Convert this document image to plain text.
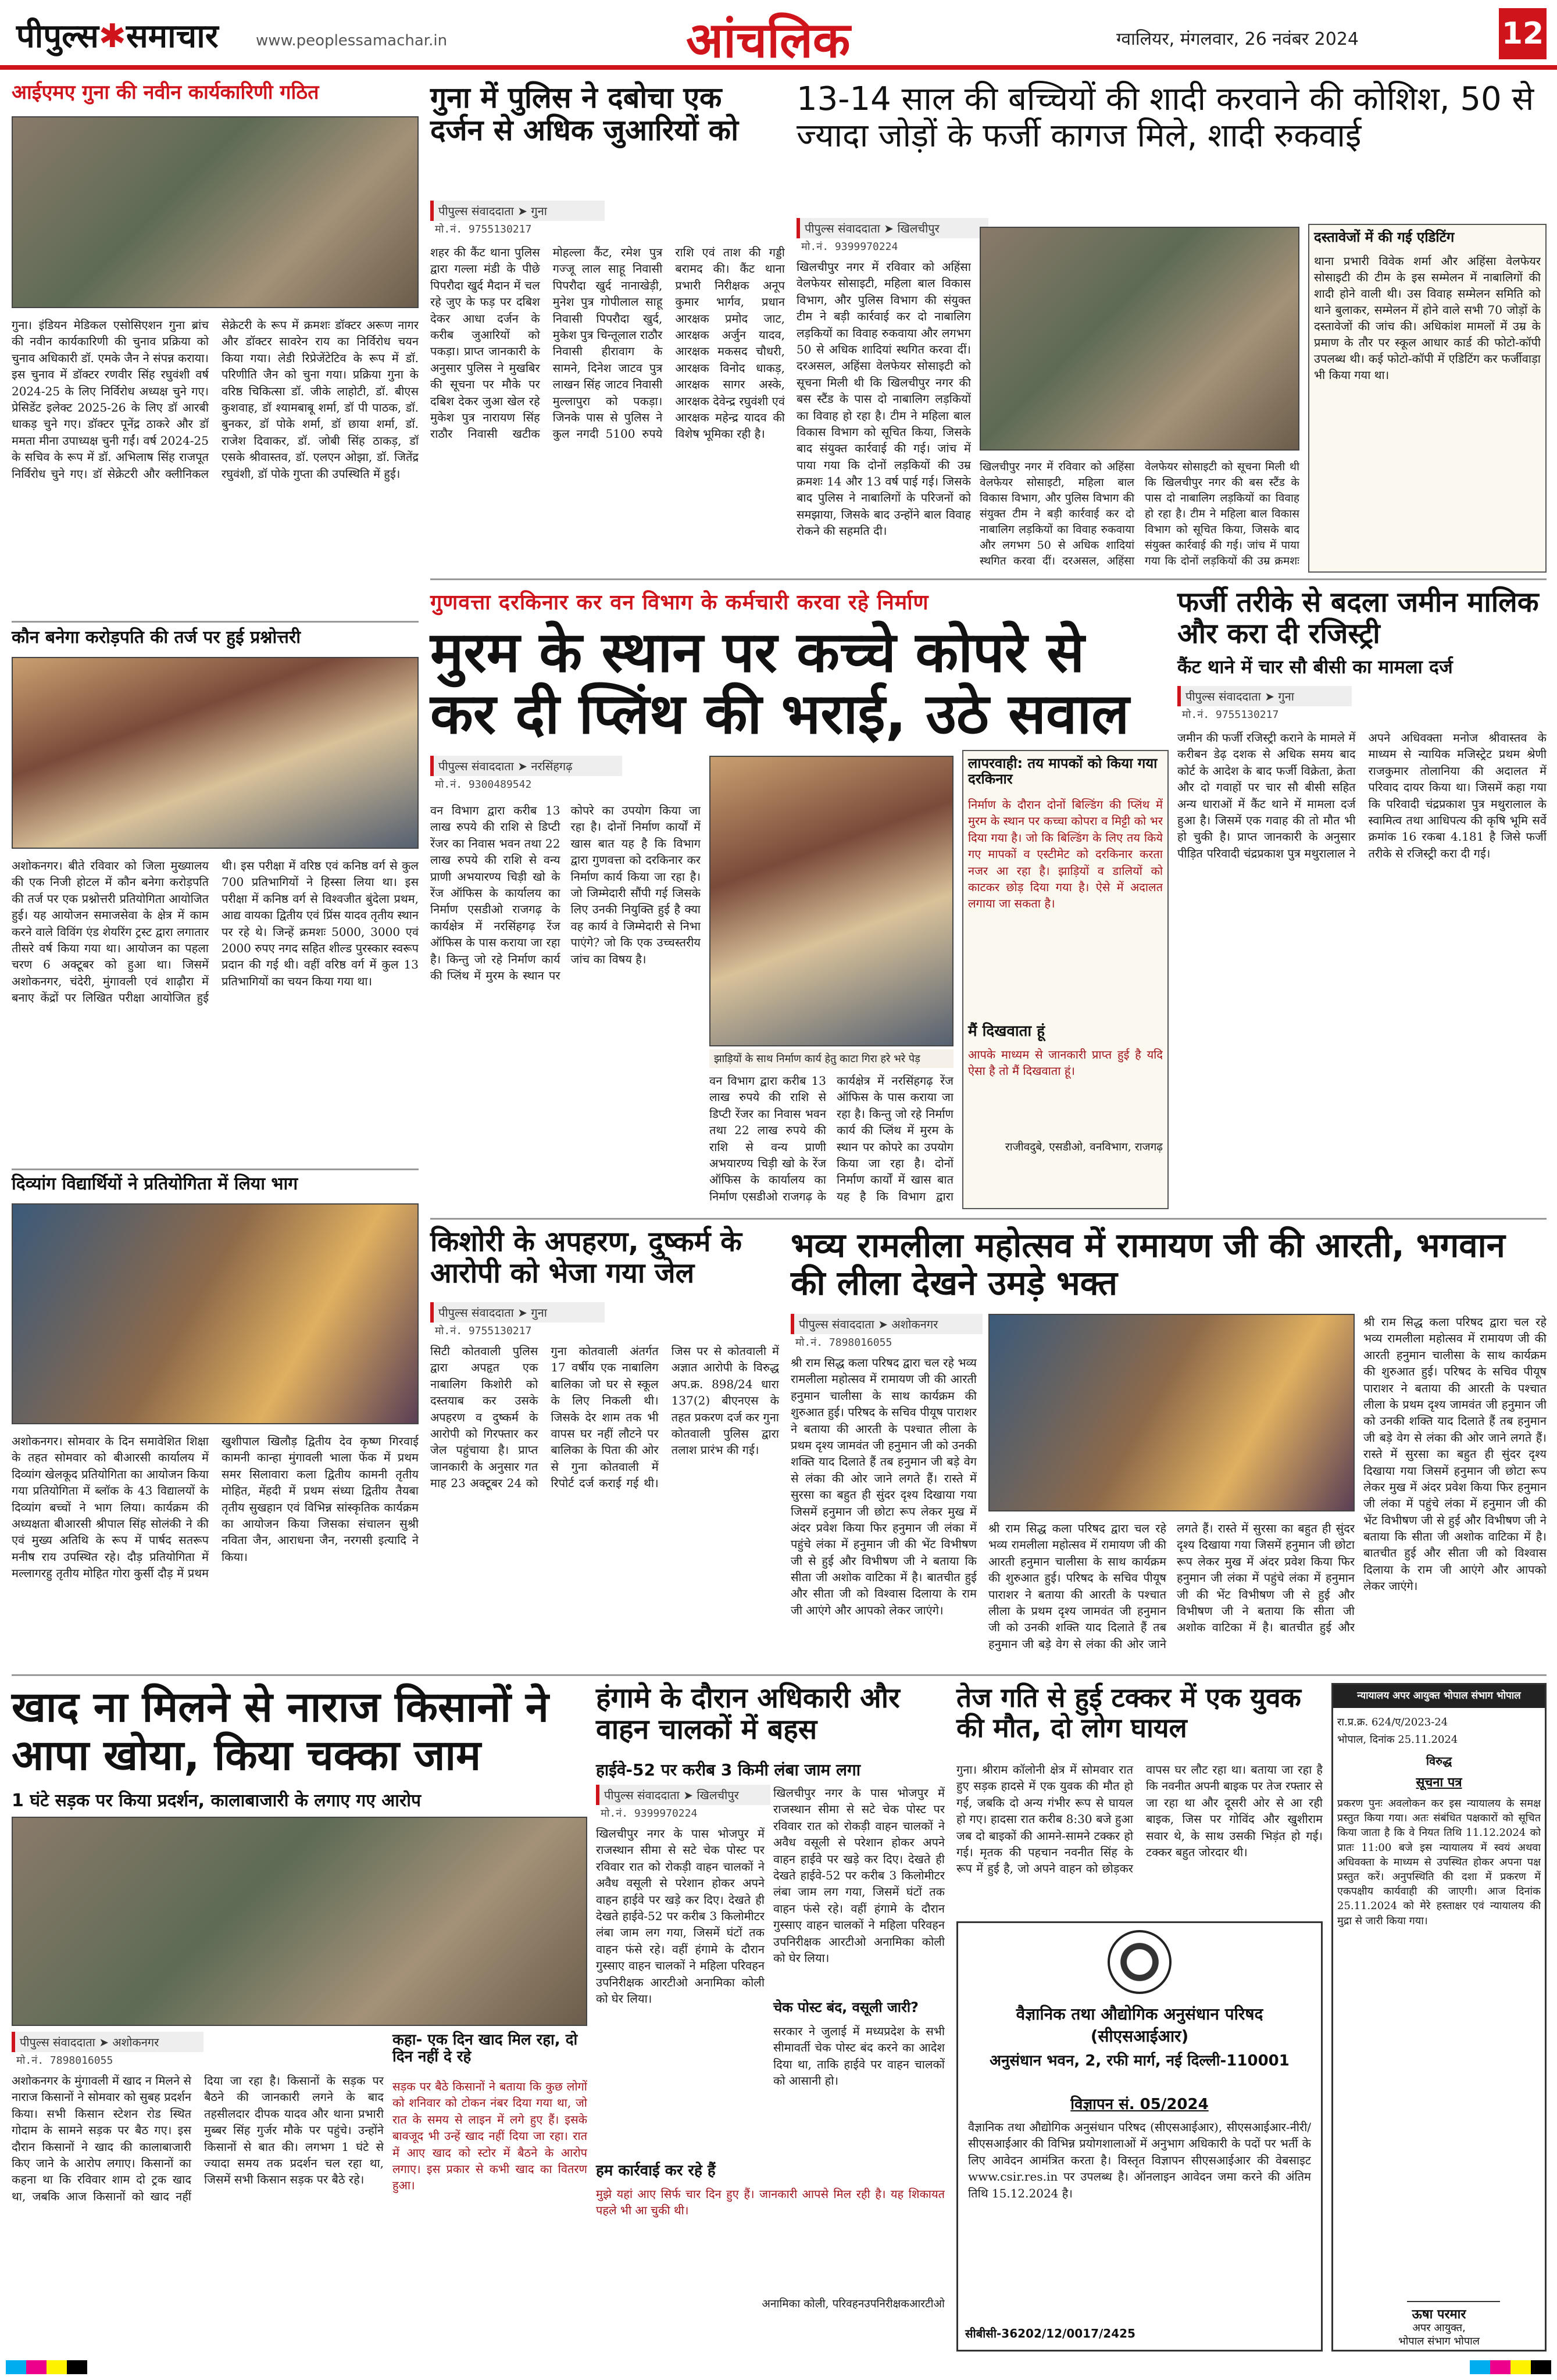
पीपुल्स✱समाचार www.peoplessamachar.in	आंचलिक	ग्वालियर, मंगलवार, 26 नवंबर 2024	12
आईएमए गुना की नवीन कार्यकारिणी गठित
गुना। इंडियन मेडिकल एसोसिएशन गुना ब्रांच की नवीन कार्यकारिणी की चुनाव प्रक्रिया को चुनाव अधिकारी डॉ. एमके जैन ने संपन्न कराया। इस चुनाव में डॉक्टर रणवीर सिंह रघुवंशी वर्ष 2024-25 के लिए निर्विरोध अध्यक्ष चुने गए। प्रेसिडेंट इलेक्ट 2025-26 के लिए डॉ आरबी धाकड़ चुने गए। डॉक्टर पूनेंद्र ठाकरे और डॉ ममता मीना उपाध्यक्ष चुनी गईं। वर्ष 2024-25 के सचिव के रूप में डॉ. अभिलाष सिंह राजपूत निर्विरोध चुने गए। डॉ सेक्रेटरी और क्लीनिकल सेक्रेटरी के रूप में क्रमशः डॉक्टर अरूण नागर और डॉक्टर सावरेन राय का निर्विरोध चयन किया गया। लेडी रिप्रेजेंटेटिव के रूप में डॉ. परिणीति जैन को चुना गया। प्रक्रिया गुना के वरिष्ठ चिकित्सा डॉ. जीके लाहोटी, डॉ. बीएस कुशवाह, डॉ श्यामबाबू शर्मा, डॉ पी पाठक, डॉ. बुनकर, डॉ पोके शर्मा, डॉ छाया शर्मा, डॉ. राजेश दिवाकर, डॉ. जोबी सिंह ठाकड़, डॉ एसके श्रीवास्तव, डॉ. एलएन ओझा, डॉ. जितेंद्र रघुवंशी, डॉ पोके गुप्ता की उपस्थिति में हुई।
कौन बनेगा करोड़पति की तर्ज पर हुई प्रश्नोत्तरी
अशोकनगर। बीते रविवार को जिला मुख्यालय की एक निजी होटल में कौन बनेगा करोड़पति की तर्ज पर एक प्रश्नोत्तरी प्रतियोगिता आयोजित हुई। यह आयोजन समाजसेवा के क्षेत्र में काम करने वाले विविंग एंड शेयरिंग ट्रस्ट द्वारा लगातार तीसरे वर्ष किया गया था। आयोजन का पहला चरण 6 अक्टूबर को हुआ था। जिसमें अशोकनगर, चंदेरी, मुंगावली एवं शाढ़ौरा में बनाए केंद्रों पर लिखित परीक्षा आयोजित हुई थी। इस परीक्षा में वरिष्ठ एवं कनिष्ठ वर्ग से कुल 700 प्रतिभागियों ने हिस्सा लिया था। इस परीक्षा में कनिष्ठ वर्ग से विश्वजीत बुंदेला प्रथम, आद्य वायका द्वितीय एवं प्रिंस यादव तृतीय स्थान पर रहे थे। जिन्हें क्रमशः 5000, 3000 एवं 2000 रुपए नगद सहित शील्ड पुरस्कार स्वरूप प्रदान की गई थी। वहीं वरिष्ठ वर्ग में कुल 13 प्रतिभागियों का चयन किया गया था।
दिव्यांग विद्यार्थियों ने प्रतियोगिता में लिया भाग
अशोकनगर। सोमवार के दिन समावेशित शिक्षा के तहत सोमवार को बीआरसी कार्यालय में दिव्यांग खेलकूद प्रतियोगिता का आयोजन किया गया प्रतियोगिता में ब्लॉक के 43 विद्यालयों के दिव्यांग बच्चों ने भाग लिया। कार्यक्रम की अध्यक्षता बीआरसी श्रीपाल सिंह सोलंकी ने की एवं मुख्य अतिथि के रूप में पार्षद सतरूप मनीष राय उपस्थित रहे। दौड़ प्रतियोगिता में मल्लागरहु तृतीय मोहित गोरा कुर्सी दौड़ में प्रथम खुशीपाल खिलौड़ द्वितीय देव कृष्ण गिरवाई कामनी कान्हा मुंगावली भाला फेंक में प्रथम समर सिलावारा कला द्वितीय कामनी तृतीय मोहित, मेंहदी में प्रथम संध्या द्वितीय तैयबा तृतीय सुखहान एवं विभिन्न सांस्कृतिक कार्यक्रम का आयोजन किया जिसका संचालन सुश्री नविता जैन, आराधना जैन, नरगसी इत्यादि ने किया।
गुना में पुलिस ने दबोचा एक दर्जन से अधिक जुआरियों को
पीपुल्स संवाददाता ➤ गुना
मो.नं. 9755130217
शहर की कैंट थाना पुलिस द्वारा गल्ला मंडी के पीछे पिपरौदा खुर्द मैदान में चल रहे जुए के फड़ पर दबिश देकर आधा दर्जन के करीब जुआरियों को पकड़ा। प्राप्त जानकारी के अनुसार पुलिस ने मुखबिर की सूचना पर मौके पर दबिश देकर जुआ खेल रहे मुकेश पुत्र नारायण सिंह राठौर निवासी खटीक मोहल्ला कैंट, रमेश पुत्र गज्जू लाल साहू निवासी पिपरौदा खुर्द नानाखेड़ी, मुनेश पुत्र गोपीलाल साहू निवासी पिपरौदा खुर्द, मुकेश पुत्र चिन्तूलाल राठौर निवासी हीरावाग के सामने, दिनेश जाटव पुत्र लाखन सिंह जाटव निवासी मुल्लापुरा को पकड़ा। जिनके पास से पुलिस ने कुल नगदी 5100 रुपये राशि एवं ताश की गड्डी बरामद की। कैंट थाना प्रभारी निरीक्षक अनूप कुमार भार्गव, प्रधान आरक्षक प्रमोद जाट, आरक्षक अर्जुन यादव, आरक्षक मकसद चौधरी, आरक्षक विनोद धाकड़, आरक्षक सागर अस्के, आरक्षक देवेन्द्र रघुवंशी एवं आरक्षक महेन्द्र यादव की विशेष भूमिका रही है।
13-14 साल की बच्चियों की शादी करवाने की कोशिश, 50 से ज्यादा जोड़ों के फर्जी कागज मिले, शादी रुकवाई
पीपुल्स संवाददाता ➤ खिलचीपुर
मो.नं. 9399970224
खिलचीपुर नगर में रविवार को अहिंसा वेलफेयर सोसाइटी, महिला बाल विकास विभाग, और पुलिस विभाग की संयुक्त टीम ने बड़ी कार्रवाई कर दो नाबालिग लड़कियों का विवाह रुकवाया और लगभग 50 से अधिक शादियां स्थगित करवा दीं। दरअसल, अहिंसा वेलफेयर सोसाइटी को सूचना मिली थी कि खिलचीपुर नगर की बस स्टैंड के पास दो नाबालिग लड़कियों का विवाह हो रहा है। टीम ने महिला बाल विकास विभाग को सूचित किया, जिसके बाद संयुक्त कार्रवाई की गई। जांच में पाया गया कि दोनों लड़कियों की उम्र क्रमशः 14 और 13 वर्ष पाई गई। जिसके बाद पुलिस ने नाबालिगों के परिजनों को समझाया, जिसके बाद उन्होंने बाल विवाह रोकने की सहमति दी।
खिलचीपुर नगर में रविवार को अहिंसा वेलफेयर सोसाइटी, महिला बाल विकास विभाग, और पुलिस विभाग की संयुक्त टीम ने बड़ी कार्रवाई कर दो नाबालिग लड़कियों का विवाह रुकवाया और लगभग 50 से अधिक शादियां स्थगित करवा दीं। दरअसल, अहिंसा वेलफेयर सोसाइटी को सूचना मिली थी कि खिलचीपुर नगर की बस स्टैंड के पास दो नाबालिग लड़कियों का विवाह हो रहा है। टीम ने महिला बाल विकास विभाग को सूचित किया, जिसके बाद संयुक्त कार्रवाई की गई। जांच में पाया गया कि दोनों लड़कियों की उम्र क्रमशः
दस्तावेजों में की गई एडिटिंग
थाना प्रभारी विवेक शर्मा और अहिंसा वेलफेयर सोसाइटी की टीम के इस सम्मेलन में नाबालिगों की शादी होने वाली थी। उस विवाह सम्मेलन समिति को थाने बुलाकर, सम्मेलन में होने वाले सभी 70 जोड़ों के दस्तावेजों की जांच की। अधिकांश मामलों में उम्र के प्रमाण के तौर पर स्कूल आधार कार्ड की फोटो-कॉपी उपलब्ध थी। कई फोटो-कॉपी में एडिटिंग कर फर्जीवाड़ा भी किया गया था।
गुणवत्ता दरकिनार कर वन विभाग के कर्मचारी करवा रहे निर्माण
मुरम के स्थान पर कच्चे कोपरे से कर दी प्लिंथ की भराई, उठे सवाल
पीपुल्स संवाददाता ➤ नरसिंहगढ़
मो.नं. 9300489542
वन विभाग द्वारा करीब 13 लाख रुपये की राशि से डिप्टी रेंजर का निवास भवन तथा 22 लाख रुपये की राशि से वन्य प्राणी अभयारण्य चिड़ी खो के रेंज ऑफिस के कार्यालय का निर्माण एसडीओ राजगढ़ के कार्यक्षेत्र में नरसिंहगढ़ रेंज ऑफिस के पास कराया जा रहा है। किन्तु जो रहे निर्माण कार्य की प्लिंथ में मुरम के स्थान पर कोपरे का उपयोग किया जा रहा है। दोनों निर्माण कार्यों में खास बात यह है कि विभाग द्वारा गुणवत्ता को दरकिनार कर निर्माण कार्य किया जा रहा है। जो जिम्मेदारी सौंपी गई जिसके लिए उनकी नियुक्ति हुई है क्या वह कार्य वे जिम्मेदारी से निभा पाएंगे? जो कि एक उच्चस्तरीय जांच का विषय है।
झाड़ियों के साथ निर्माण कार्य हेतु काटा गिरा हरे भरे पेड़
वन विभाग द्वारा करीब 13 लाख रुपये की राशि से डिप्टी रेंजर का निवास भवन तथा 22 लाख रुपये की राशि से वन्य प्राणी अभयारण्य चिड़ी खो के रेंज ऑफिस के कार्यालय का निर्माण एसडीओ राजगढ़ के कार्यक्षेत्र में नरसिंहगढ़ रेंज ऑफिस के पास कराया जा रहा है। किन्तु जो रहे निर्माण कार्य की प्लिंथ में मुरम के स्थान पर कोपरे का उपयोग किया जा रहा है। दोनों निर्माण कार्यों में खास बात यह है कि विभाग द्वारा
लापरवाही: तय मापकों को किया गया दरकिनार
निर्माण के दौरान दोनों बिल्डिंग की प्लिंथ में मुरम के स्थान पर कच्चा कोपरा व मिट्टी को भर दिया गया है। जो कि बिल्डिंग के लिए तय किये गए मापकों व एस्टीमेट को दरकिनार करता नजर आ रहा है। झाड़ियों व डालियों को काटकर छोड़ दिया गया है। ऐसे में अदालत लगाया जा सकता है।
मैं दिखवाता हूं
आपके माध्यम से जानकारी प्राप्त हुई है यदि ऐसा है तो मैं दिखवाता हूं।
राजीवदुबे, एसडीओ, वनविभाग, राजगढ़
फर्जी तरीके से बदला जमीन मालिक और करा दी रजिस्ट्री
कैंट थाने में चार सौ बीसी का मामला दर्ज
पीपुल्स संवाददाता ➤ गुना
मो.नं. 9755130217
जमीन की फर्जी रजिस्ट्री कराने के मामले में करीबन डेढ़ दशक से अधिक समय बाद कोर्ट के आदेश के बाद फर्जी विक्रेता, क्रेता और दो गवाहों पर चार सौ बीसी सहित अन्य धाराओं में कैंट थाने में मामला दर्ज हुआ है। जिसमें एक गवाह की तो मौत भी हो चुकी है। प्राप्त जानकारी के अनुसार पीड़ित परिवादी चंद्रप्रकाश पुत्र मथुरालाल ने अपने अधिवक्ता मनोज श्रीवास्तव के माध्यम से न्यायिक मजिस्ट्रेट प्रथम श्रेणी राजकुमार तोलानिया की अदालत में परिवाद दायर किया था। जिसमें कहा गया कि परिवादी चंद्रप्रकाश पुत्र मथुरालाल के स्वामित्व तथा आधिपत्य की कृषि भूमि सर्वे क्रमांक 16 रकबा 4.181 है जिसे फर्जी तरीके से रजिस्ट्री करा दी गई।
किशोरी के अपहरण, दुष्कर्म के आरोपी को भेजा गया जेल
पीपुल्स संवाददाता ➤ गुना
मो.नं. 9755130217
सिटी कोतवाली पुलिस द्वारा अपहृत एक नाबालिग किशोरी को दस्तयाब कर उसके अपहरण व दुष्कर्म के आरोपी को गिरफ्तार कर जेल पहुंचाया है। प्राप्त जानकारी के अनुसार गत माह 23 अक्टूबर 24 को गुना कोतवाली अंतर्गत 17 वर्षीय एक नाबालिग बालिका जो घर से स्कूल के लिए निकली थी। जिसके देर शाम तक भी वापस घर नहीं लौटने पर बालिका के पिता की ओर से गुना कोतवाली में रिपोर्ट दर्ज कराई गई थी। जिस पर से कोतवाली में अज्ञात आरोपी के विरुद्ध अप.क्र. 898/24 धारा 137(2) बीएनएस के तहत प्रकरण दर्ज कर गुना कोतवाली पुलिस द्वारा तलाश प्रारंभ की गई।
भव्य रामलीला महोत्सव में रामायण जी की आरती, भगवान की लीला देखने उमड़े भक्त
पीपुल्स संवाददाता ➤ अशोकनगर
मो.नं. 7898016055
श्री राम सिद्ध कला परिषद द्वारा चल रहे भव्य रामलीला महोत्सव में रामायण जी की आरती हनुमान चालीसा के साथ कार्यक्रम की शुरुआत हुई। परिषद के सचिव पीयूष पाराशर ने बताया की आरती के पश्चात लीला के प्रथम दृश्य जामवंत जी हनुमान जी को उनकी शक्ति याद दिलाते हैं तब हनुमान जी बड़े वेग से लंका की ओर जाने लगते हैं। रास्ते में सुरसा का बहुत ही सुंदर दृश्य दिखाया गया जिसमें हनुमान जी छोटा रूप लेकर मुख में अंदर प्रवेश किया फिर हनुमान जी लंका में पहुंचे लंका में हनुमान जी की भेंट विभीषण जी से हुई और विभीषण जी ने बताया कि सीता जी अशोक वाटिका में है। बातचीत हुई और सीता जी को विश्वास दिलाया के राम जी आएंगे और आपको लेकर जाएंगे।
श्री राम सिद्ध कला परिषद द्वारा चल रहे भव्य रामलीला महोत्सव में रामायण जी की आरती हनुमान चालीसा के साथ कार्यक्रम की शुरुआत हुई। परिषद के सचिव पीयूष पाराशर ने बताया की आरती के पश्चात लीला के प्रथम दृश्य जामवंत जी हनुमान जी को उनकी शक्ति याद दिलाते हैं तब हनुमान जी बड़े वेग से लंका की ओर जाने लगते हैं। रास्ते में सुरसा का बहुत ही सुंदर दृश्य दिखाया गया जिसमें हनुमान जी छोटा रूप लेकर मुख में अंदर प्रवेश किया फिर हनुमान जी लंका में पहुंचे लंका में हनुमान जी की भेंट विभीषण जी से हुई और विभीषण जी ने बताया कि सीता जी अशोक वाटिका में है। बातचीत हुई और
श्री राम सिद्ध कला परिषद द्वारा चल रहे भव्य रामलीला महोत्सव में रामायण जी की आरती हनुमान चालीसा के साथ कार्यक्रम की शुरुआत हुई। परिषद के सचिव पीयूष पाराशर ने बताया की आरती के पश्चात लीला के प्रथम दृश्य जामवंत जी हनुमान जी को उनकी शक्ति याद दिलाते हैं तब हनुमान जी बड़े वेग से लंका की ओर जाने लगते हैं। रास्ते में सुरसा का बहुत ही सुंदर दृश्य दिखाया गया जिसमें हनुमान जी छोटा रूप लेकर मुख में अंदर प्रवेश किया फिर हनुमान जी लंका में पहुंचे लंका में हनुमान जी की भेंट विभीषण जी से हुई और विभीषण जी ने बताया कि सीता जी अशोक वाटिका में है। बातचीत हुई और सीता जी को विश्वास दिलाया के राम जी आएंगे और आपको लेकर जाएंगे।
खाद ना मिलने से नाराज किसानों ने आपा खोया, किया चक्का जाम
1 घंटे सड़क पर किया प्रदर्शन, कालाबाजारी के लगाए गए आरोप
पीपुल्स संवाददाता ➤ अशोकनगर
मो.नं. 7898016055
अशोकनगर के मुंगावली में खाद न मिलने से नाराज किसानों ने सोमवार को सुबह प्रदर्शन किया। सभी किसान स्टेशन रोड स्थित गोदाम के सामने सड़क पर बैठ गए। इस दौरान किसानों ने खाद की कालाबाजारी किए जाने के आरोप लगाए। किसानों का कहना था कि रविवार शाम दो ट्रक खाद था, जबकि आज किसानों को खाद नहीं दिया जा रहा है। किसानों के सड़क पर बैठने की जानकारी लगने के बाद तहसीलदार दीपक यादव और थाना प्रभारी मुब्बर सिंह गुर्जर मौके पर पहुंचे। उन्होंने किसानों से बात की। लगभग 1 घंटे से ज्यादा समय तक प्रदर्शन चल रहा था, जिसमें सभी किसान सड़क पर बैठे रहे।
कहा- एक दिन खाद मिल रहा, दो दिन नहीं दे रहे
सड़क पर बैठे किसानों ने बताया कि कुछ लोगों को शनिवार को टोकन नंबर दिया गया था, जो रात के समय से लाइन में लगे हुए हैं। इसके बावजूद भी उन्हें खाद नहीं दिया जा रहा। रात में आए खाद को स्टोर में बैठने के आरोप लगाए। इस प्रकार से कभी खाद का वितरण हुआ।
हंगामे के दौरान अधिकारी और वाहन चालकों में बहस
हाईवे-52 पर करीब 3 किमी लंबा जाम लगा
पीपुल्स संवाददाता ➤ खिलचीपुर
मो.नं. 9399970224
खिलचीपुर नगर के पास भोजपुर में राजस्थान सीमा से सटे चेक पोस्ट पर रविवार रात को रोकड़ी वाहन चालकों ने अवैध वसूली से परेशान होकर अपने वाहन हाईवे पर खड़े कर दिए। देखते ही देखते हाईवे-52 पर करीब 3 किलोमीटर लंबा जाम लग गया, जिसमें घंटों तक वाहन फंसे रहे। वहीं हंगामे के दौरान गुस्साए वाहन चालकों ने महिला परिवहन उपनिरीक्षक आरटीओ अनामिका कोली को घेर लिया।
खिलचीपुर नगर के पास भोजपुर में राजस्थान सीमा से सटे चेक पोस्ट पर रविवार रात को रोकड़ी वाहन चालकों ने अवैध वसूली से परेशान होकर अपने वाहन हाईवे पर खड़े कर दिए। देखते ही देखते हाईवे-52 पर करीब 3 किलोमीटर लंबा जाम लग गया, जिसमें घंटों तक वाहन फंसे रहे। वहीं हंगामे के दौरान गुस्साए वाहन चालकों ने महिला परिवहन उपनिरीक्षक आरटीओ अनामिका कोली को घेर लिया।
चेक पोस्ट बंद, वसूली जारी?
सरकार ने जुलाई में मध्यप्रदेश के सभी सीमावर्ती चेक पोस्ट बंद करने का आदेश दिया था, ताकि हाईवे पर वाहन चालकों को आसानी हो।
हम कार्रवाई कर रहे हैं
मुझे यहां आए सिर्फ चार दिन हुए हैं। जानकारी आपसे मिल रही है। यह शिकायत पहले भी आ चुकी थी।
अनामिका कोली, परिवहनउपनिरीक्षकआरटीओ
तेज गति से हुई टक्कर में एक युवक की मौत, दो लोग घायल
गुना। श्रीराम कॉलोनी क्षेत्र में सोमवार रात हुए सड़क हादसे में एक युवक की मौत हो गई, जबकि दो अन्य गंभीर रूप से घायल हो गए। हादसा रात करीब 8:30 बजे हुआ जब दो बाइकों की आमने-सामने टक्कर हो गई। मृतक की पहचान नवनीत सिंह के रूप में हुई है, जो अपने वाहन को छोड़कर वापस घर लौट रहा था। बताया जा रहा है कि नवनीत अपनी बाइक पर तेज रफ्तार से जा रहा था और दूसरी ओर से आ रही बाइक, जिस पर गोविंद और खुशीराम सवार थे, के साथ उसकी भिड़ंत हो गई। टक्कर बहुत जोरदार थी।
वैज्ञानिक तथा औद्योगिक अनुसंधान परिषद (सीएसआईआर)
अनुसंधान भवन, 2, रफी मार्ग, नई दिल्ली-110001
विज्ञापन सं. 05/2024
वैज्ञानिक तथा औद्योगिक अनुसंधान परिषद (सीएसआईआर), सीएसआईआर-नीरी/सीएसआईआर की विभिन्न प्रयोगशालाओं में अनुभाग अधिकारी के पदों पर भर्ती के लिए आवेदन आमंत्रित करता है। विस्तृत विज्ञापन सीएसआईआर की वेबसाइट www.csir.res.in पर उपलब्ध है। ऑनलाइन आवेदन जमा करने की अंतिम तिथि 15.12.2024 है।
सीबीसी-36202/12/0017/2425
न्यायालय अपर आयुक्त भोपाल संभाग भोपाल
रा.प्र.क्र. 624/ए/2023-24
भोपाल, दिनांक 25.11.2024
विरुद्ध
सूचना पत्र
प्रकरण पुनः अवलोकन कर इस न्यायालय के समक्ष प्रस्तुत किया गया। अतः संबंधित पक्षकारों को सूचित किया जाता है कि वे नियत तिथि 11.12.2024 को प्रातः 11:00 बजे इस न्यायालय में स्वयं अथवा अधिवक्ता के माध्यम से उपस्थित होकर अपना पक्ष प्रस्तुत करें। अनुपस्थिति की दशा में प्रकरण में एकपक्षीय कार्यवाही की जाएगी। आज दिनांक 25.11.2024 को मेरे हस्ताक्षर एवं न्यायालय की मुद्रा से जारी किया गया।
ऊषा परमार
अपर आयुक्त,
भोपाल संभाग भोपाल
